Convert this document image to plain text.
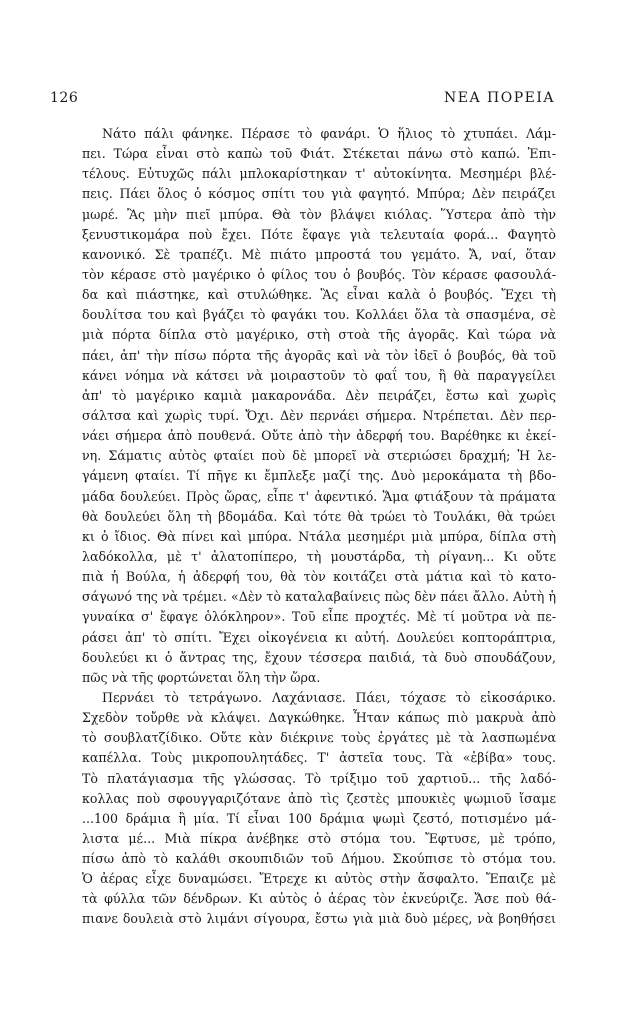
126	ΝΕΑ ΠΟΡΕΙΑ
Νάτο πάλι φάνηκε. Πέρασε τὸ φανάρι. Ὁ ἥλιος τὸ χτυπάει. Λάμ-
πει. Τώρα εἶναι στὸ καπὼ τοῦ Φιάτ. Στέκεται πάνω στὸ καπώ. Ἐπι-
τέλους. Εὐτυχῶς πάλι μπλοκαρίστηκαν τ' αὐτοκίνητα. Μεσημέρι βλέ-
πεις. Πάει ὅλος ὁ κόσμος σπίτι του γιὰ φαγητό. Μπύρα; Δὲν πειράζει
μωρέ. Ἂς μὴν πιεῖ μπύρα. Θὰ τὸν βλάψει κιόλας. Ὕστερα ἀπὸ τὴν
ξενυστικομάρα ποὺ ἔχει. Πότε ἔφαγε γιὰ τελευταία φορά... Φαγητὸ
κανονικό. Σὲ τραπέζι. Μὲ πιάτο μπροστά του γεμάτο. Ἄ, ναί, ὅταν
τὸν κέρασε στὸ μαγέρικο ὁ φίλος του ὁ βουβός. Τὸν κέρασε φασουλά-
δα καὶ πιάστηκε, καὶ στυλώθηκε. Ἂς εἶναι καλὰ ὁ βουβός. Ἔχει τὴ
δουλίτσα του καὶ βγάζει τὸ φαγάκι του. Κολλάει ὅλα τὰ σπασμένα, σὲ
μιὰ πόρτα δίπλα στὸ μαγέρικο, στὴ στοὰ τῆς ἀγορᾶς. Καὶ τώρα νὰ
πάει, ἀπ' τὴν πίσω πόρτα τῆς ἀγορᾶς καὶ νὰ τὸν ἰδεῖ ὁ βουβός, θὰ τοῦ
κάνει νόημα νὰ κάτσει νὰ μοιραστοῦν τὸ φαΐ του, ἢ θὰ παραγγείλει
ἀπ' τὸ μαγέρικο καμιὰ μακαρονάδα. Δὲν πειράζει, ἔστω καὶ χωρὶς
σάλτσα καὶ χωρὶς τυρί. Ὄχι. Δὲν περνάει σήμερα. Ντρέπεται. Δὲν περ-
νάει σήμερα ἀπὸ πουθενά. Οὔτε ἀπὸ τὴν ἀδερφή του. Βαρέθηκε κι ἐκεί-
νη. Σάματις αὐτὸς φταίει ποὺ δὲ μπορεῖ νὰ στεριώσει δραχμή; Ἡ λε-
γάμενη φταίει. Τί πῆγε κι ἔμπλεξε μαζί της. Δυὸ μεροκάματα τὴ βδο-
μάδα δουλεύει. Πρὸς ὥρας, εἶπε τ' ἀφεντικό. Ἅμα φτιάξουν τὰ πράματα
θὰ δουλεύει ὅλη τὴ βδομάδα. Καὶ τότε θὰ τρώει τὸ Τουλάκι, θὰ τρώει
κι ὁ ἴδιος. Θὰ πίνει καὶ μπύρα. Ντάλα μεσημέρι μιὰ μπύρα, δίπλα στὴ
λαδόκολλα, μὲ τ' ἁλατοπίπερο, τὴ μουστάρδα, τὴ ρίγανη... Κι οὔτε
πιὰ ἡ Βούλα, ἡ ἀδερφή του, θὰ τὸν κοιτάζει στὰ μάτια καὶ τὸ κατο-
σάγωνό της νὰ τρέμει. «Δὲν τὸ καταλαβαίνεις πὼς δὲν πάει ἄλλο. Αὐτὴ ἡ
γυναίκα σ' ἔφαγε ὁλόκληρον». Τοῦ εἶπε προχτές. Μὲ τί μοῦτρα νὰ πε-
ράσει ἀπ' τὸ σπίτι. Ἔχει οἰκογένεια κι αὐτή. Δουλεύει κοπτοράπτρια,
δουλεύει κι ὁ ἄντρας της, ἔχουν τέσσερα παιδιά, τὰ δυὸ σπουδάζουν,
πῶς νὰ τῆς φορτώνεται ὅλη τὴν ὥρα.
Περνάει τὸ τετράγωνο. Λαχάνιασε. Πάει, τόχασε τὸ εἰκοσάρικο.
Σχεδὸν τοὔρθε νὰ κλάψει. Δαγκώθηκε. Ἦταν κάπως πιὸ μακρυὰ ἀπὸ
τὸ σουβλατζίδικο. Οὔτε κὰν διέκρινε τοὺς ἐργάτες μὲ τὰ λασπωμένα
καπέλλα. Τοὺς μικροπουλητάδες. Τ' ἀστεῖα τους. Τὰ «ἐβίβα» τους.
Τὸ πλατάγιασμα τῆς γλώσσας. Τὸ τρίξιμο τοῦ χαρτιοῦ... τῆς λαδό-
κολλας ποὺ σφουγγαριζότανε ἀπὸ τὶς ζεστὲς μπουκιὲς ψωμιοῦ ἴσαμε
...100 δράμια ἢ μία. Τί εἶναι 100 δράμια ψωμὶ ζεστό, ποτισμένο μά-
λιστα μέ... Μιὰ πίκρα ἀνέβηκε στὸ στόμα του. Ἔφτυσε, μὲ τρόπο,
πίσω ἀπὸ τὸ καλάθι σκουπιδιῶν τοῦ Δήμου. Σκούπισε τὸ στόμα του.
Ὁ ἀέρας εἶχε δυναμώσει. Ἔτρεχε κι αὐτὸς στὴν ἄσφαλτο. Ἔπαιζε μὲ
τὰ φύλλα τῶν δένδρων. Κι αὐτὸς ὁ ἀέρας τὸν ἐκνεύριζε. Ἄσε ποὺ θά-
πιανε δουλειὰ στὸ λιμάνι σίγουρα, ἔστω γιὰ μιὰ δυὸ μέρες, νὰ βοηθήσει
